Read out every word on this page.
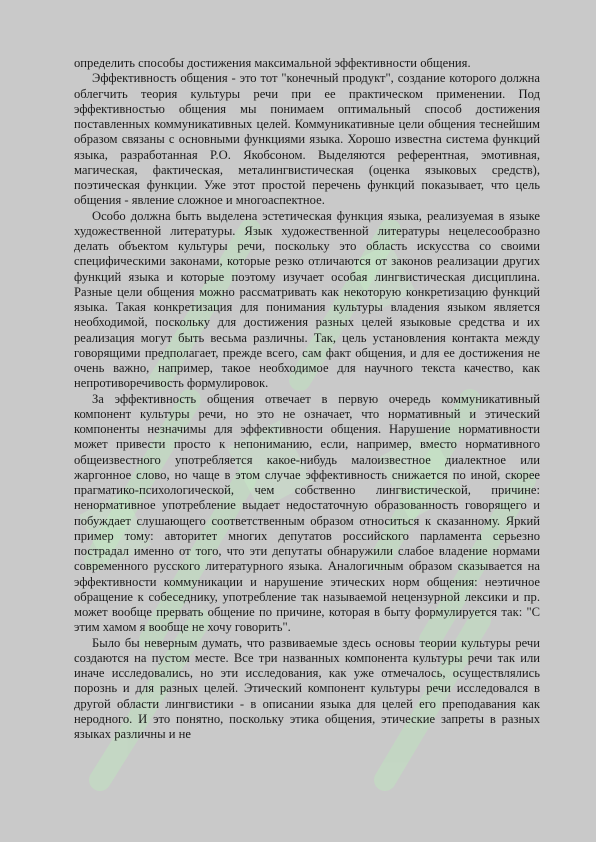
определить способы достижения максимальной эффективности общения.

Эффективность общения - это тот "конечный продукт", создание которого должна облегчить теория культуры речи при ее практическом применении. Под эффективностью общения мы понимаем оптимальный способ достижения поставленных коммуникативных целей. Коммуникативные цели общения теснейшим образом связаны с основными функциями языка. Хорошо известна система функций языка, разработанная Р.О. Якобсоном. Выделяются референтная, эмотивная, магическая, фактическая, металингвистическая (оценка языковых средств), поэтическая функции. Уже этот простой перечень функций показывает, что цель общения - явление сложное и многоаспектное.

Особо должна быть выделена эстетическая функция языка, реализуемая в языке художественной литературы. Язык художественной литературы нецелесообразно делать объектом культуры речи, поскольку это область искусства со своими специфическими законами, которые резко отличаются от законов реализации других функций языка и которые поэтому изучает особая лингвистическая дисциплина. Разные цели общения можно рассматривать как некоторую конкретизацию функций языка. Такая конкретизация для понимания культуры владения языком является необходимой, поскольку для достижения разных целей языковые средства и их реализация могут быть весьма различны. Так, цель установления контакта между говорящими предполагает, прежде всего, сам факт общения, и для ее достижения не очень важно, например, такое необходимое для научного текста качество, как непротиворечивость формулировок.

За эффективность общения отвечает в первую очередь коммуникативный компонент культуры речи, но это не означает, что нормативный и этический компоненты незначимы для эффективности общения. Нарушение нормативности может привести просто к непониманию, если, например, вместо нормативного общеизвестного употребляется какое-нибудь малоизвестное диалектное или жаргонное слово, но чаще в этом случае эффективность снижается по иной, скорее прагматико-психологической, чем собственно лингвистической, причине: ненормативное употребление выдает недостаточную образованность говорящего и побуждает слушающего соответственным образом относиться к сказанному. Яркий пример тому: авторитет многих депутатов российского парламента серьезно пострадал именно от того, что эти депутаты обнаружили слабое владение нормами современного русского литературного языка. Аналогичным образом сказывается на эффективности коммуникации и нарушение этических норм общения: неэтичное обращение к собеседнику, употребление так называемой нецензурной лексики и пр. может вообще прервать общение по причине, которая в быту формулируется так: "С этим хамом я вообще не хочу говорить".

Было бы неверным думать, что развиваемые здесь основы теории культуры речи создаются на пустом месте. Все три названных компонента культуры речи так или иначе исследовались, но эти исследования, как уже отмечалось, осуществлялись порознь и для разных целей. Этический компонент культуры речи исследовался в другой области лингвистики - в описании языка для целей его преподавания как неродного. И это понятно, поскольку этика общения, этические запреты в разных языках различны и не
